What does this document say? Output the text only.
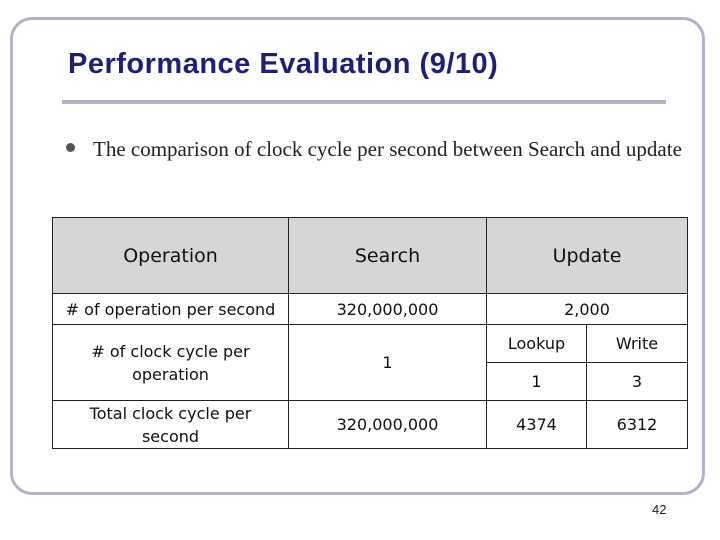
Performance Evaluation (9/10)

The comparison of clock cycle per second between Search and update

Operation	Search	Update	
# of operation per second	320,000,000	2,000	
# of clock cycle per operation	1	Lookup	Write
		1	3
Total clock cycle per second	320,000,000	4374	6312
42
